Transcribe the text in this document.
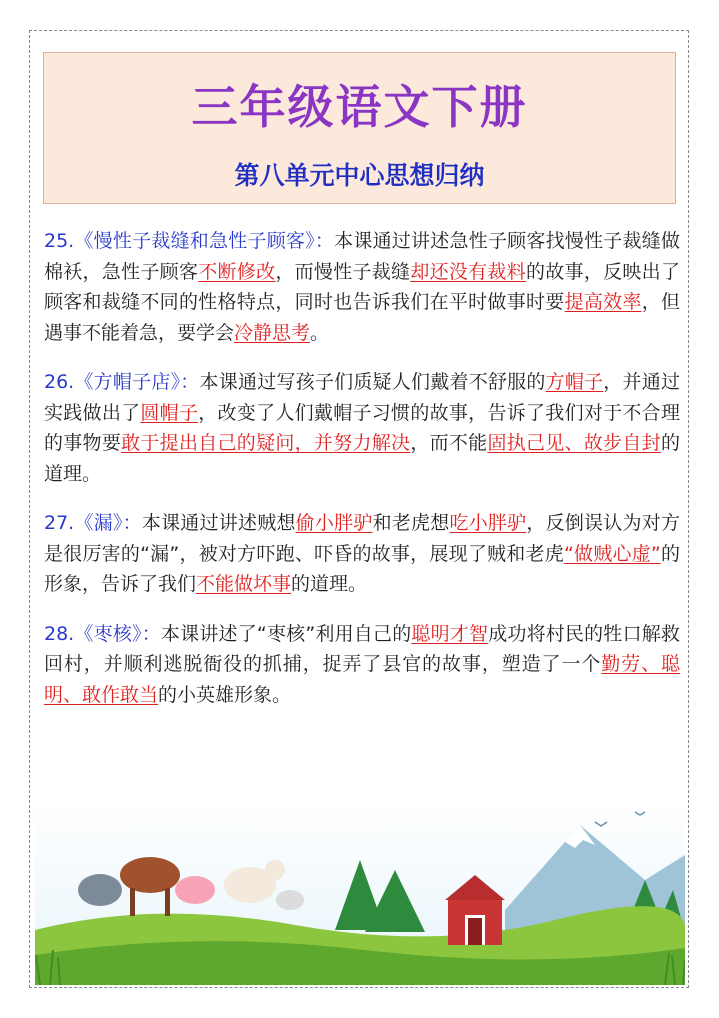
三年级语文下册
第八单元中心思想归纳

25.《慢性子裁缝和急性子顾客》：本课通过讲述急性子顾客找慢性子裁缝做棉袄，急性子顾客不断修改，而慢性子裁缝却还没有裁料的故事，反映出了顾客和裁缝不同的性格特点，同时也告诉我们在平时做事时要提高效率，但遇事不能着急，要学会冷静思考。

26.《方帽子店》：本课通过写孩子们质疑人们戴着不舒服的方帽子，并通过实践做出了圆帽子，改变了人们戴帽子习惯的故事，告诉了我们对于不合理的事物要敢于提出自己的疑问，并努力解决，而不能固执己见、故步自封的道理。

27.《漏》：本课通过讲述贼想偷小胖驴和老虎想吃小胖驴，反倒误认为对方是很厉害的“漏”，被对方吓跑、吓昏的故事，展现了贼和老虎“做贼心虚”的形象，告诉了我们不能做坏事的道理。

28.《枣核》：本课讲述了“枣核”利用自己的聪明才智成功将村民的牲口解救回村，并顺利逃脱衙役的抓捕，捉弄了县官的故事，塑造了一个勤劳、聪明、敢作敢当的小英雄形象。
